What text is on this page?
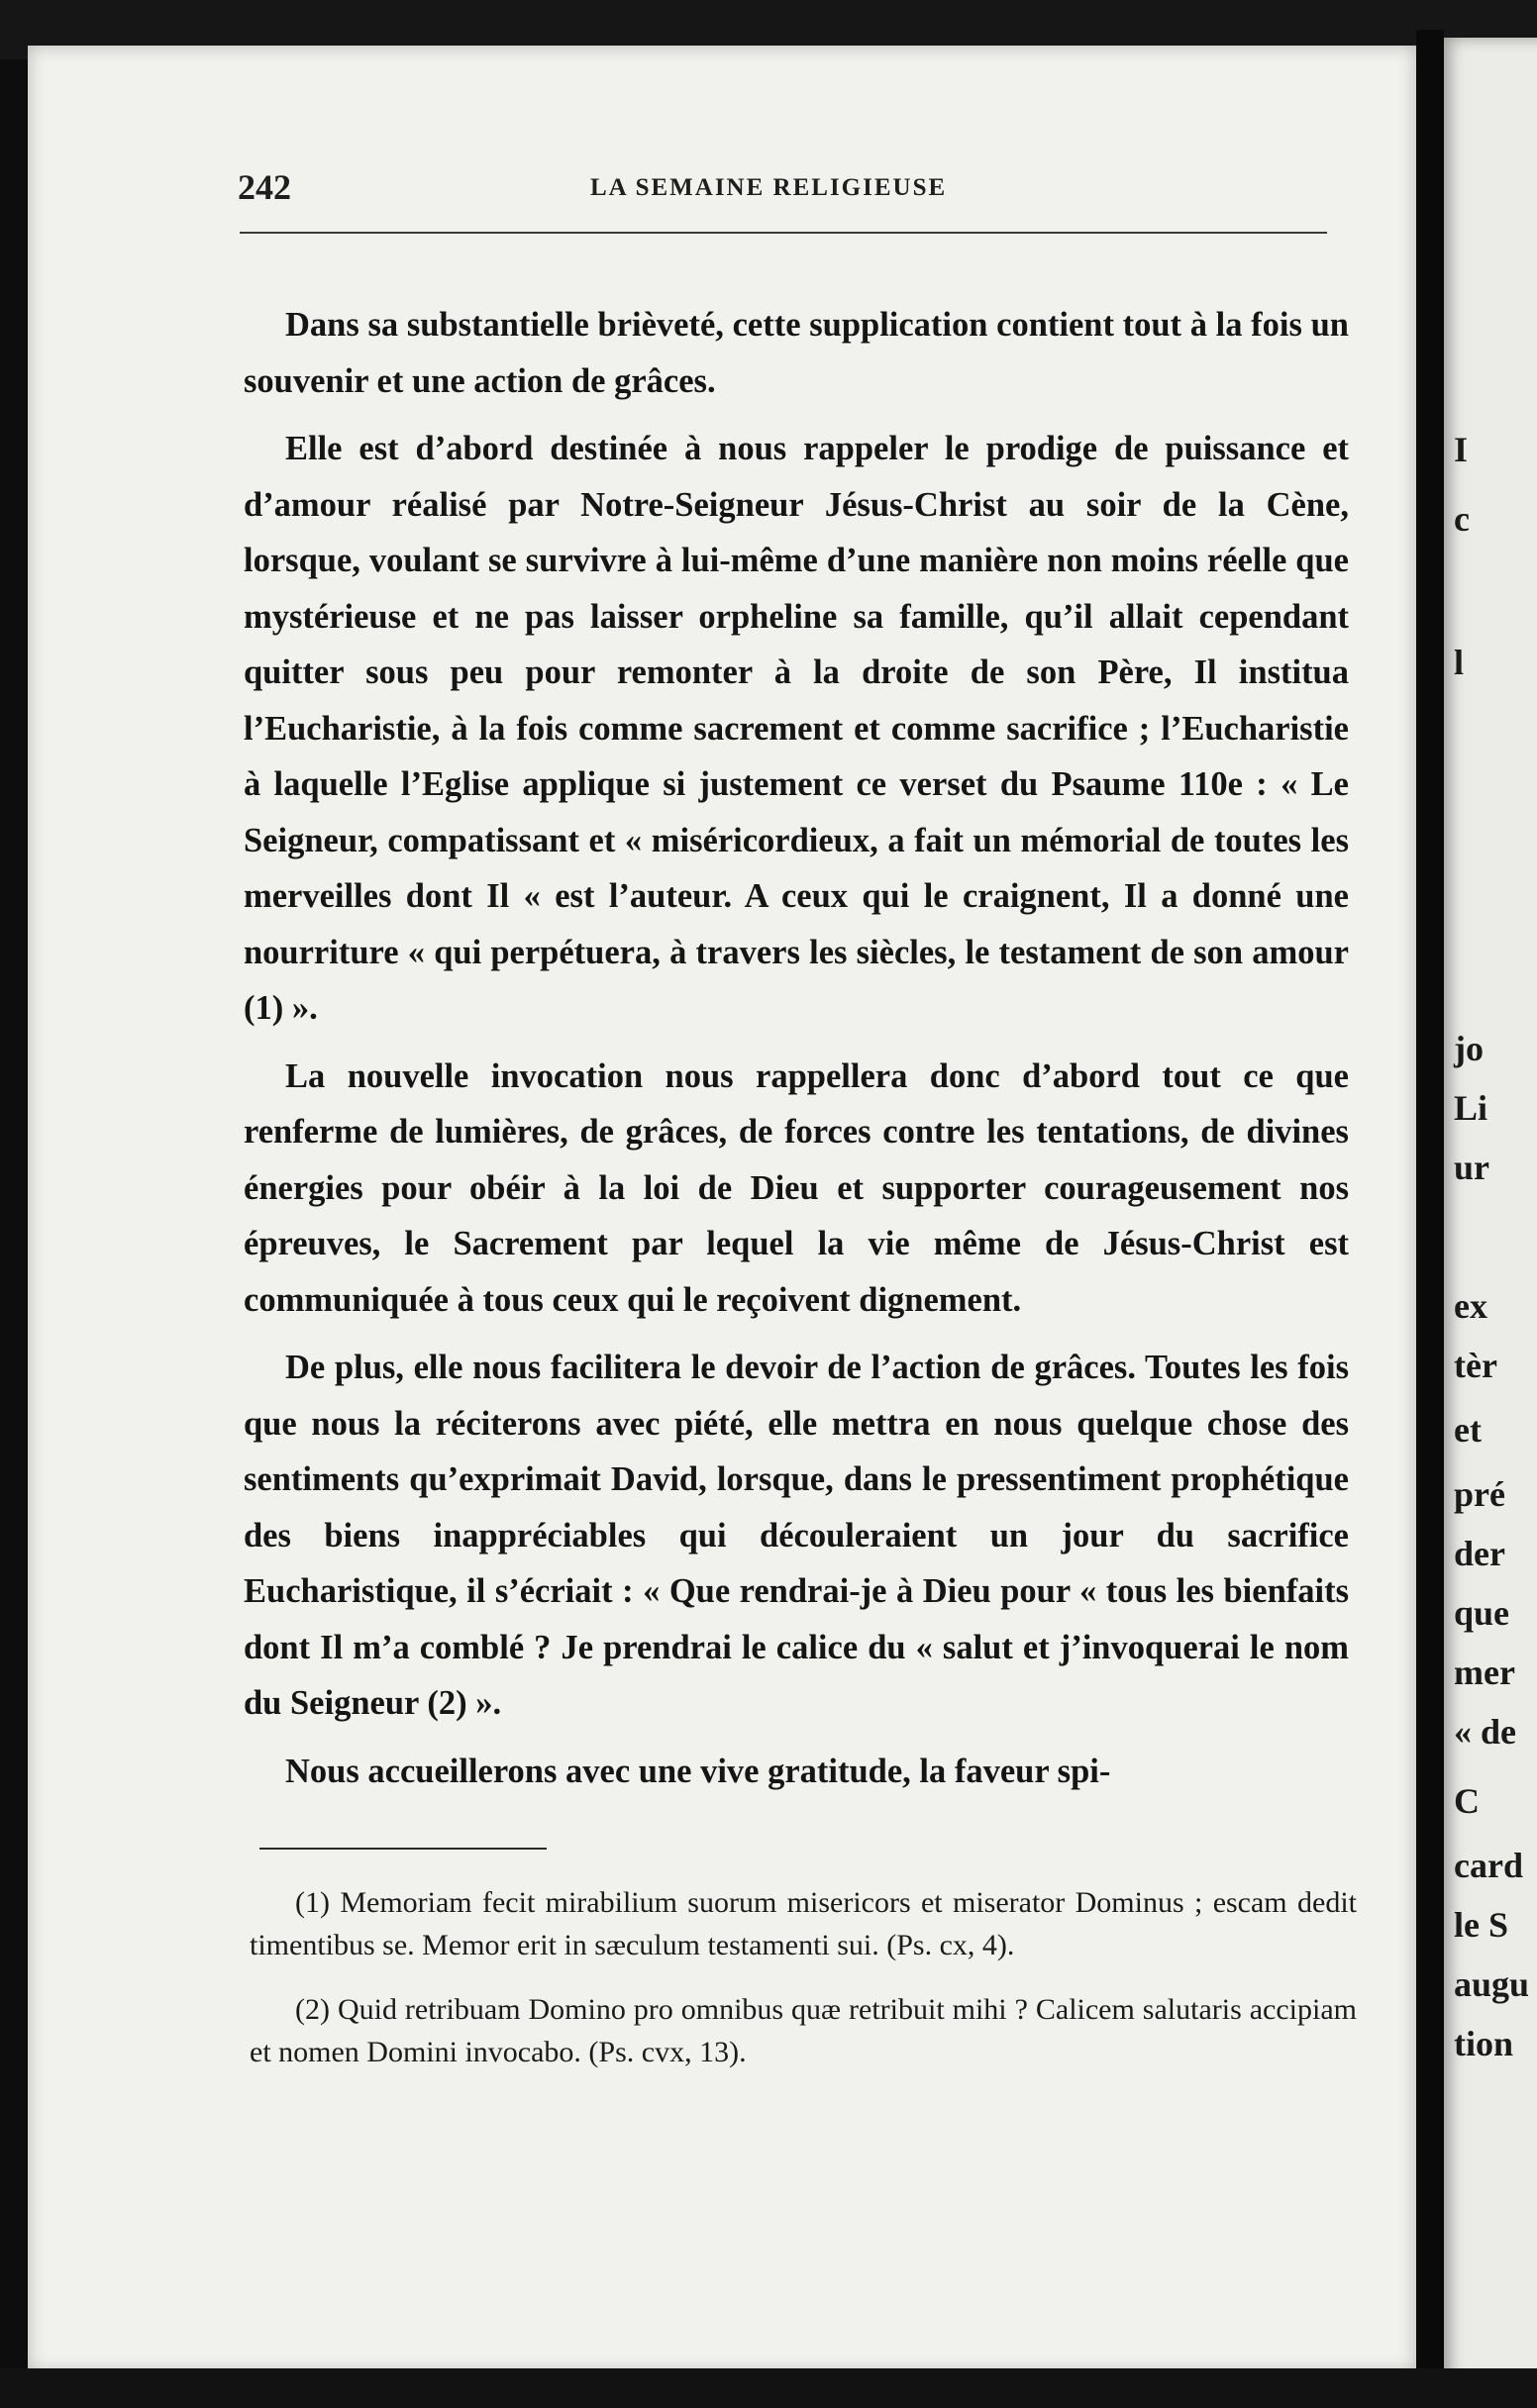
I
c
l
jo
Li
ur
ex
tèr
et
pré
der
que
mer
« de
C
card
le S
augu
tion
242	LA SEMAINE RELIGIEUSE

Dans sa substantielle brièveté, cette supplication contient tout à la fois un souvenir et une action de grâces.

Elle est d’abord destinée à nous rappeler le prodige de puissance et d’amour réalisé par Notre-Seigneur Jésus-Christ au soir de la Cène, lorsque, voulant se survivre à lui-même d’une manière non moins réelle que mystérieuse et ne pas laisser orpheline sa famille, qu’il allait cependant quitter sous peu pour remonter à la droite de son Père, Il institua l’Eucharistie, à la fois comme sacrement et comme sacrifice ; l’Eucharistie à laquelle l’Eglise applique si justement ce verset du Psaume 110e : « Le Seigneur, compatissant et « miséricordieux, a fait un mémorial de toutes les merveilles dont Il « est l’auteur. A ceux qui le craignent, Il a donné une nourriture « qui perpétuera, à travers les siècles, le testament de son amour (1) ».

La nouvelle invocation nous rappellera donc d’abord tout ce que renferme de lumières, de grâces, de forces contre les tentations, de divines énergies pour obéir à la loi de Dieu et supporter courageusement nos épreuves, le Sacrement par lequel la vie même de Jésus-Christ est communiquée à tous ceux qui le reçoivent dignement.

De plus, elle nous facilitera le devoir de l’action de grâces. Toutes les fois que nous la réciterons avec piété, elle mettra en nous quelque chose des sentiments qu’exprimait David, lorsque, dans le pressentiment prophétique des biens inappréciables qui découleraient un jour du sacrifice Eucharistique, il s’écriait : « Que rendrai-je à Dieu pour « tous les bienfaits dont Il m’a comblé ? Je prendrai le calice du « salut et j’invoquerai le nom du Seigneur (2) ».

Nous accueillerons avec une vive gratitude, la faveur spi-

(1) Memoriam fecit mirabilium suorum misericors et miserator Dominus ; escam dedit timentibus se. Memor erit in sæculum testamenti sui. (Ps. cx, 4).

(2) Quid retribuam Domino pro omnibus quæ retribuit mihi ? Calicem salutaris accipiam et nomen Domini invocabo. (Ps. cvx, 13).
